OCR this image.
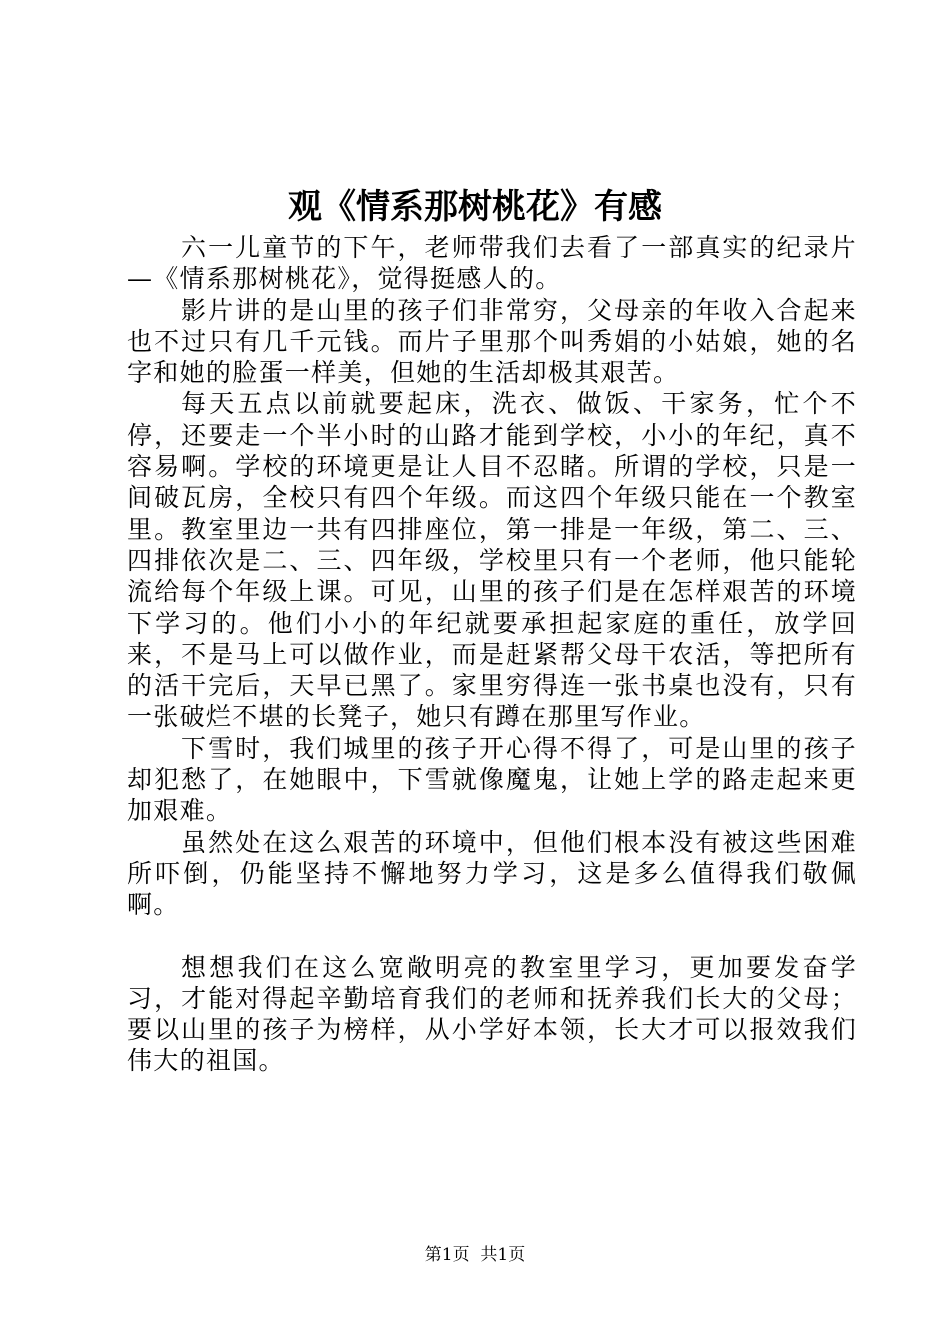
观《情系那树桃花》有感

六一儿童节的下午，老师带我们去看了一部真实的纪录片—《情系那树桃花》，觉得挺感人的。

影片讲的是山里的孩子们非常穷，父母亲的年收入合起来也不过只有几千元钱。而片子里那个叫秀娟的小姑娘，她的名字和她的脸蛋一样美，但她的生活却极其艰苦。

每天五点以前就要起床，洗衣、做饭、干家务，忙个不停，还要走一个半小时的山路才能到学校，小小的年纪，真不容易啊。学校的环境更是让人目不忍睹。所谓的学校，只是一间破瓦房，全校只有四个年级。而这四个年级只能在一个教室里。教室里边一共有四排座位，第一排是一年级，第二、三、四排依次是二、三、四年级，学校里只有一个老师，他只能轮流给每个年级上课。可见，山里的孩子们是在怎样艰苦的环境下学习的。他们小小的年纪就要承担起家庭的重任，放学回来，不是马上可以做作业，而是赶紧帮父母干农活，等把所有的活干完后，天早已黑了。家里穷得连一张书桌也没有，只有一张破烂不堪的长凳子，她只有蹲在那里写作业。

下雪时，我们城里的孩子开心得不得了，可是山里的孩子却犯愁了，在她眼中，下雪就像魔鬼，让她上学的路走起来更加艰难。

虽然处在这么艰苦的环境中，但他们根本没有被这些困难所吓倒，仍能坚持不懈地努力学习，这是多么值得我们敬佩啊。

想想我们在这么宽敞明亮的教室里学习，更加要发奋学习，才能对得起辛勤培育我们的老师和抚养我们长大的父母；要以山里的孩子为榜样，从小学好本领，长大才可以报效我们伟大的祖国。

第1页  共1页
